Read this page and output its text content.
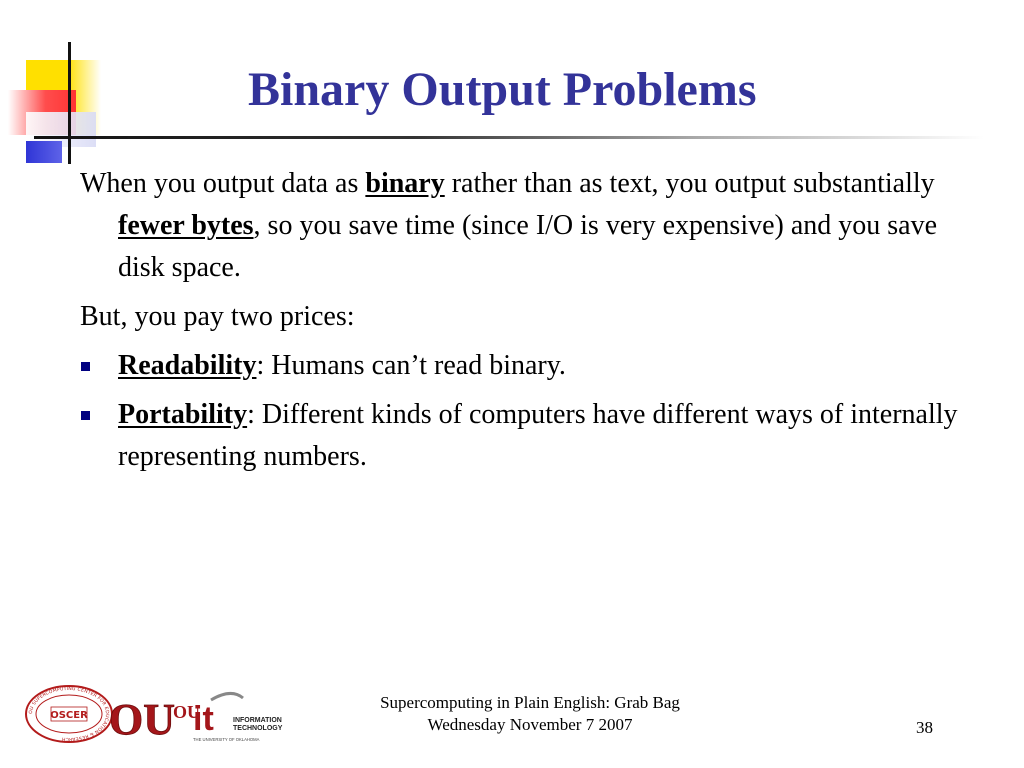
Binary Output Problems

When you output data as binary rather than as text, you output substantially fewer bytes, so you save time (since I/O is very expensive) and you save disk space.

But, you pay two prices:

Readability: Humans can’t read binary.
Portability: Different kinds of computers have different ways of internally representing numbers.
OU SUPERCOMPUTING CENTER FOR EDUCATION & RESEARCH
OSCER OU
OU
it	INFORMATION
TECHNOLOGY
THE UNIVERSITY OF OKLAHOMA
Supercomputing in Plain English: Grab Bag
Wednesday November 7 2007	38
